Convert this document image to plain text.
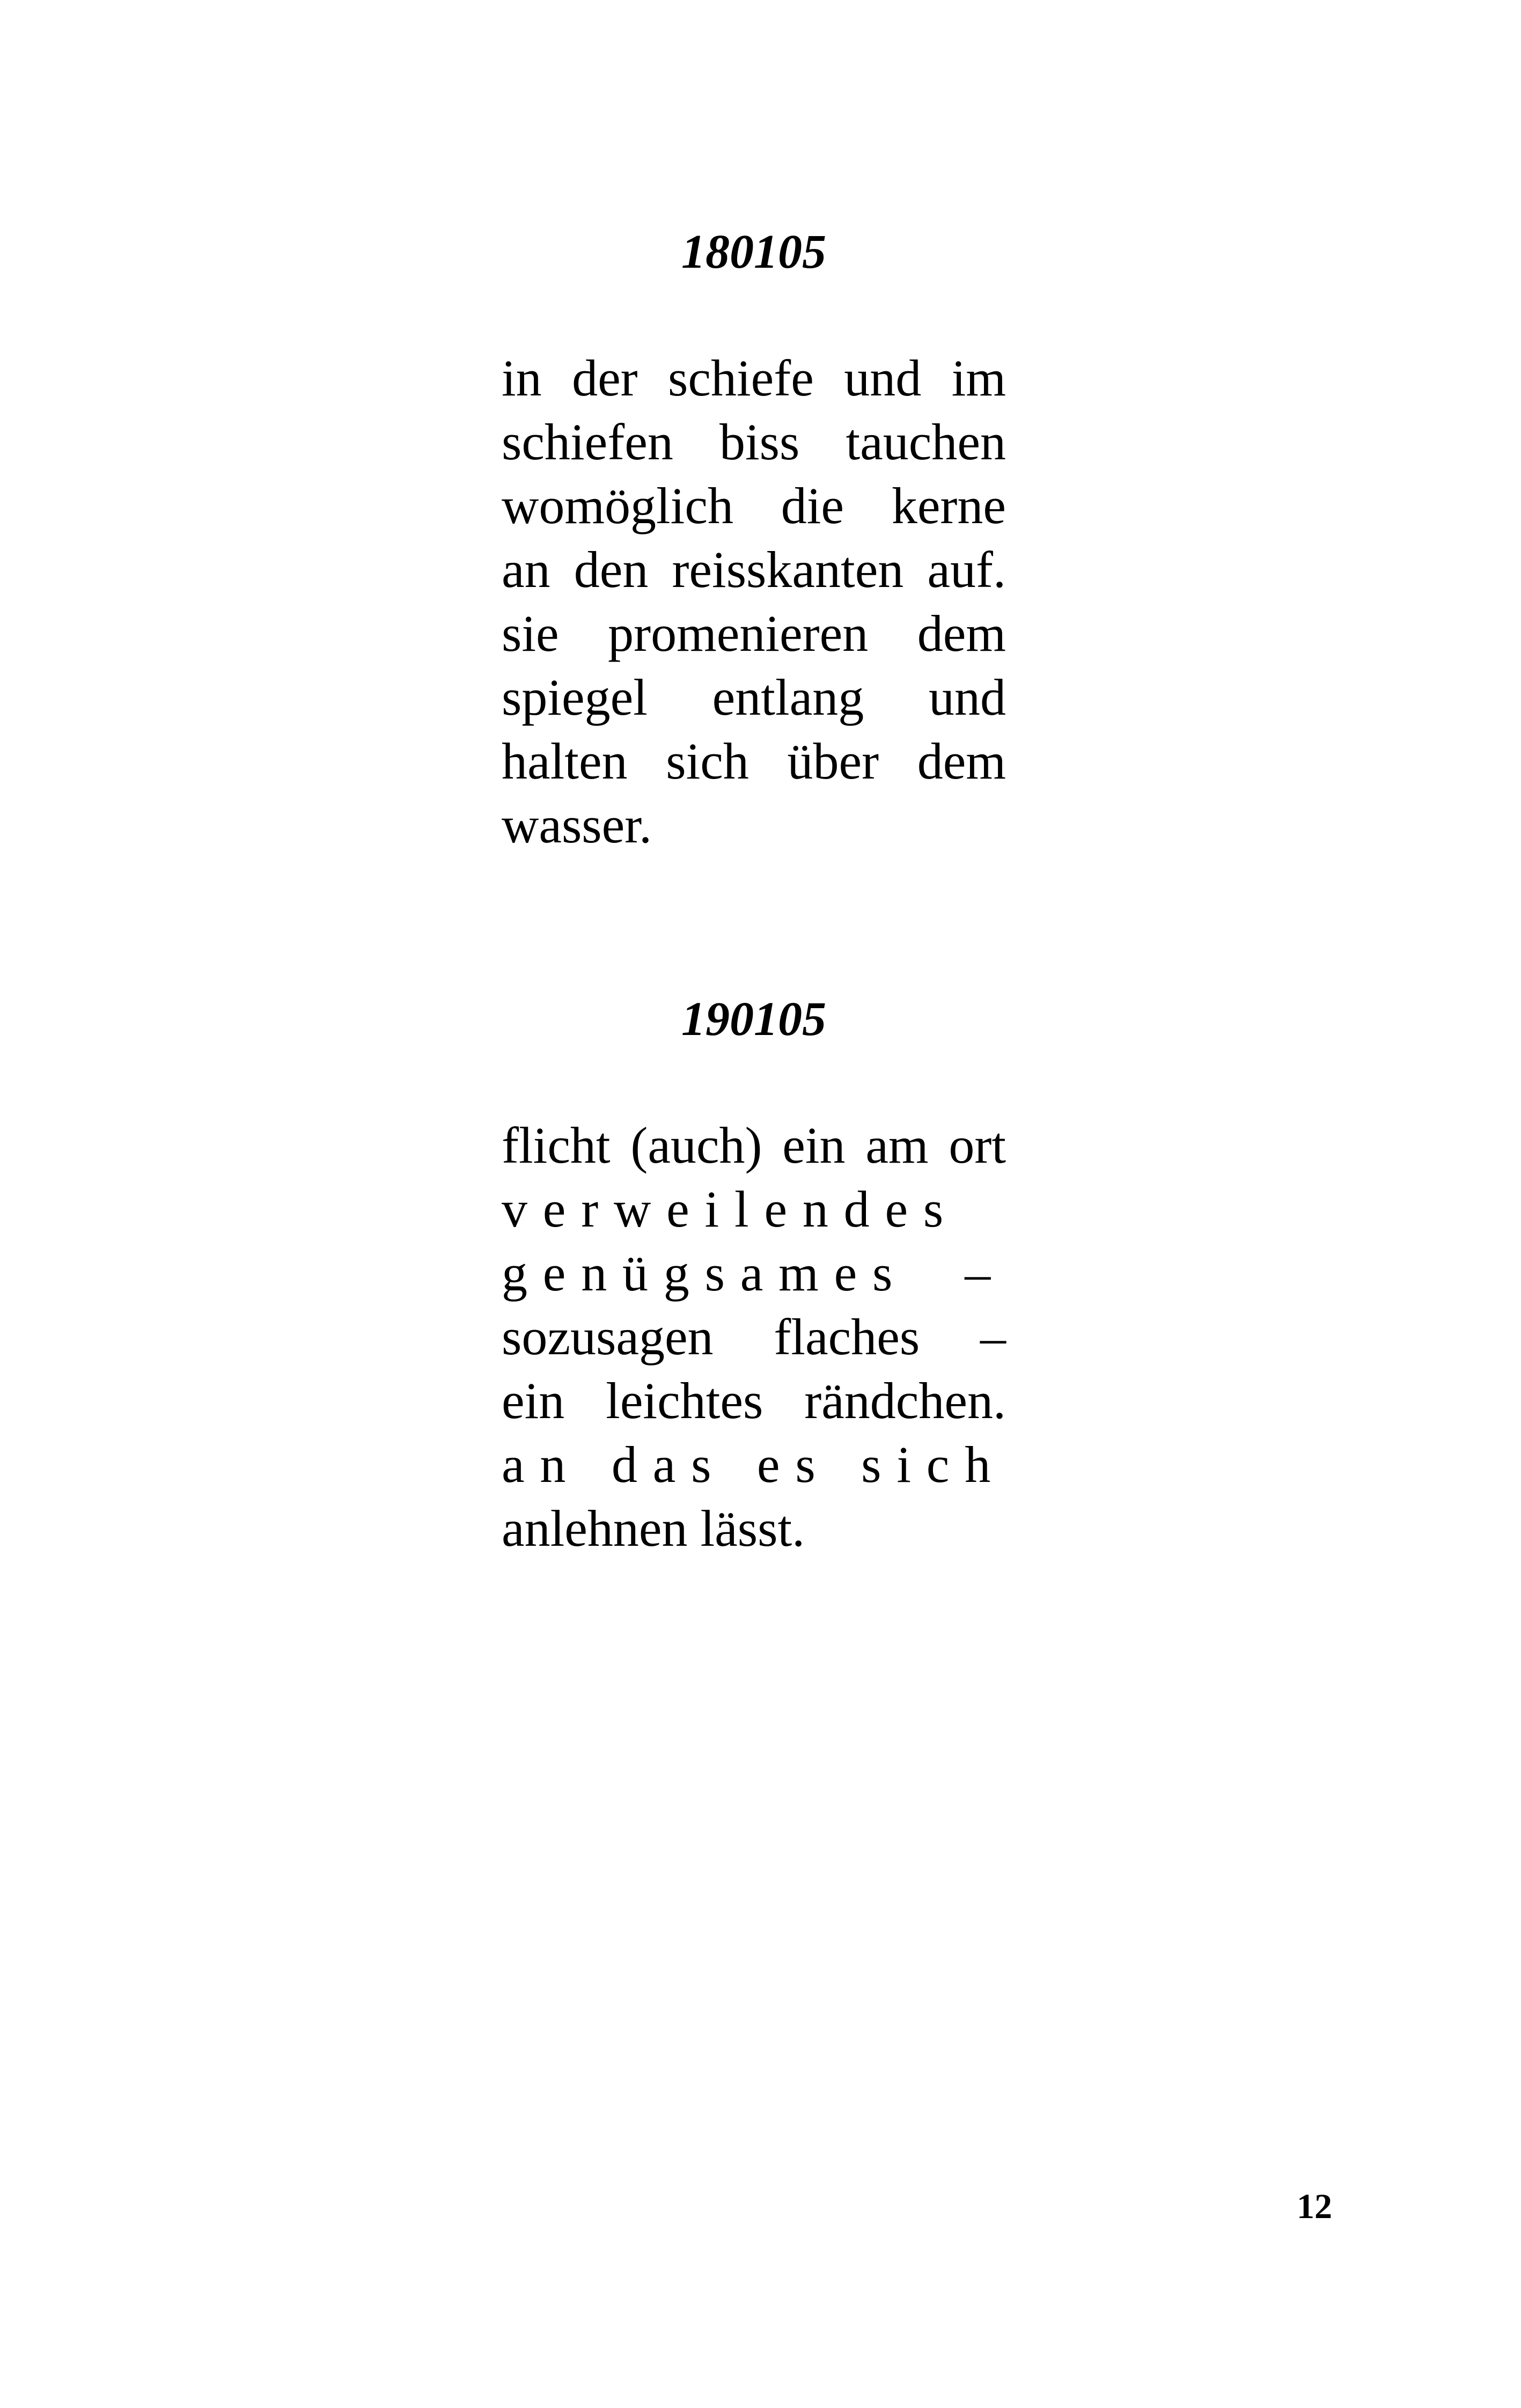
180105
in der schiefe und im
schiefen biss tauchen
womöglich die kerne
an den reisskanten auf.
sie promenieren dem
spiegel entlang und
halten sich über dem
wasser.
190105
flicht (auch) ein am ort
verweilendes
genügsames –
sozusagen flaches –
ein leichtes rändchen.
an das es sich
anlehnen lässt.
12
